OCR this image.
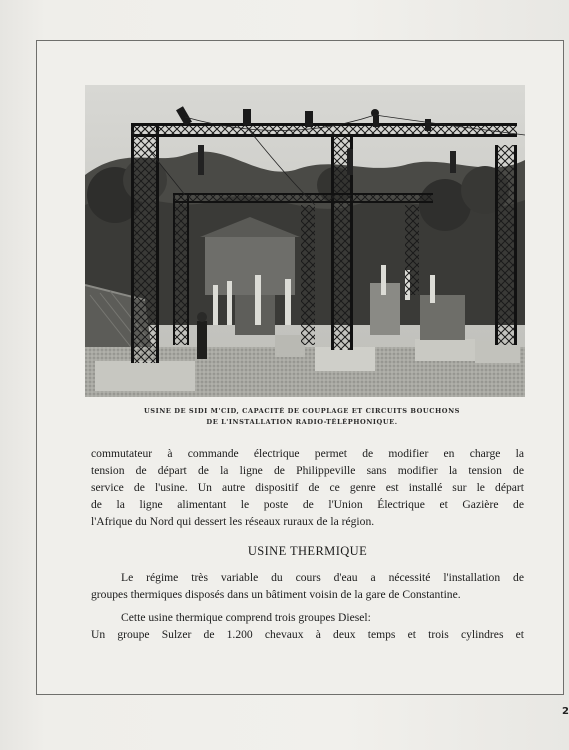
USINE DE SIDI M'CID, CAPACITÉ DE COUPLAGE ET CIRCUITS BOUCHONS
DE L'INSTALLATION RADIO-TÉLÉPHONIQUE.
commutateur à commande électrique permet de modifier en charge la
tension de départ de la ligne de Philippeville sans modifier la tension de
service de l'usine. Un autre dispositif de ce genre est installé sur le départ
de la ligne alimentant le poste de l'Union Électrique et Gazière de
l'Afrique du Nord qui dessert les réseaux ruraux de la région.
USINE THERMIQUE
Le régime très variable du cours d'eau a nécessité l'installation de
groupes thermiques disposés dans un bâtiment voisin de la gare de Constantine.
Cette usine thermique comprend trois groupes Diesel:
Un groupe Sulzer de 1.200 chevaux à deux temps et trois cylindres et
2
